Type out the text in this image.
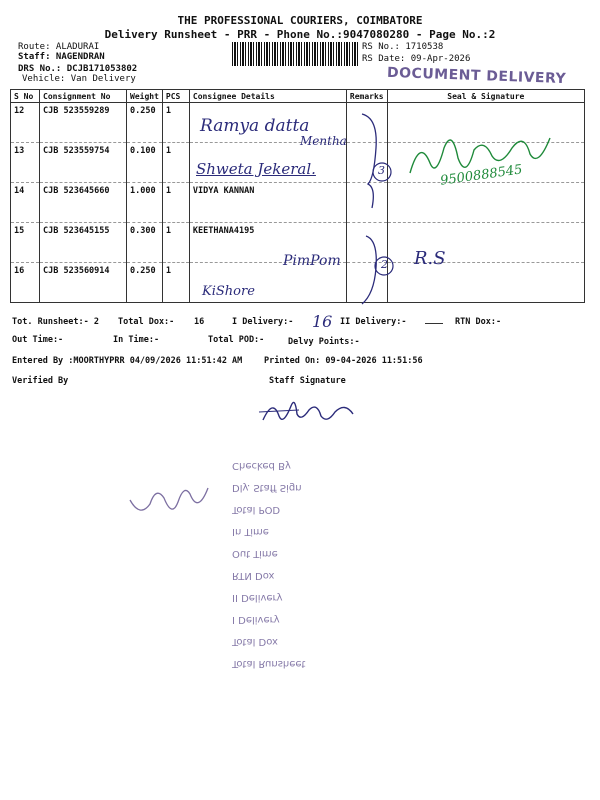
THE PROFESSIONAL COURIERS, COIMBATORE
Delivery Runsheet - PRR - Phone No.:9047080280 - Page No.:2
Route: ALADURAI
Staff: NAGENDRAN
DRS No.: DCJB171053802
Vehicle: Van Delivery
RS No.: 1710538
RS Date: 09-Apr-2026
DOCUMENT DELIVERY
S No	Consignment No	Weight	PCS	Consignee Details	Remarks	Seal & Signature
12	CJB 523559289	0.250	1			
13	CJB 523559754	0.100	1			
14	CJB 523645660	1.000	1	VIDYA KANNAN		
15	CJB 523645155	0.300	1	KEETHANA4195		
16	CJB 523560914	0.250	1			
Ramya datta
Mentha
Shweta Jekeral.
PimPom
KiShore
3
2
9500888545
R.S
Tot. Runsheet:- 2 Total Dox:- 16	I Delivery:- 16 II Delivery:-	RTN Dox:-
Out Time:-	In Time:-	Total POD:-	Delvy Points:-
Entered By :MOORTHYPRR 04/09/2026 11:51:42 AM	Printed On: 09-04-2026 11:51:56
Verified By	Staff Signature
Checked By
Dly. Staff Sign
Total POD
In Time
Out Time
RTN Dox
II Delivery
I Delivery
Total Dox
Total Runsheet
